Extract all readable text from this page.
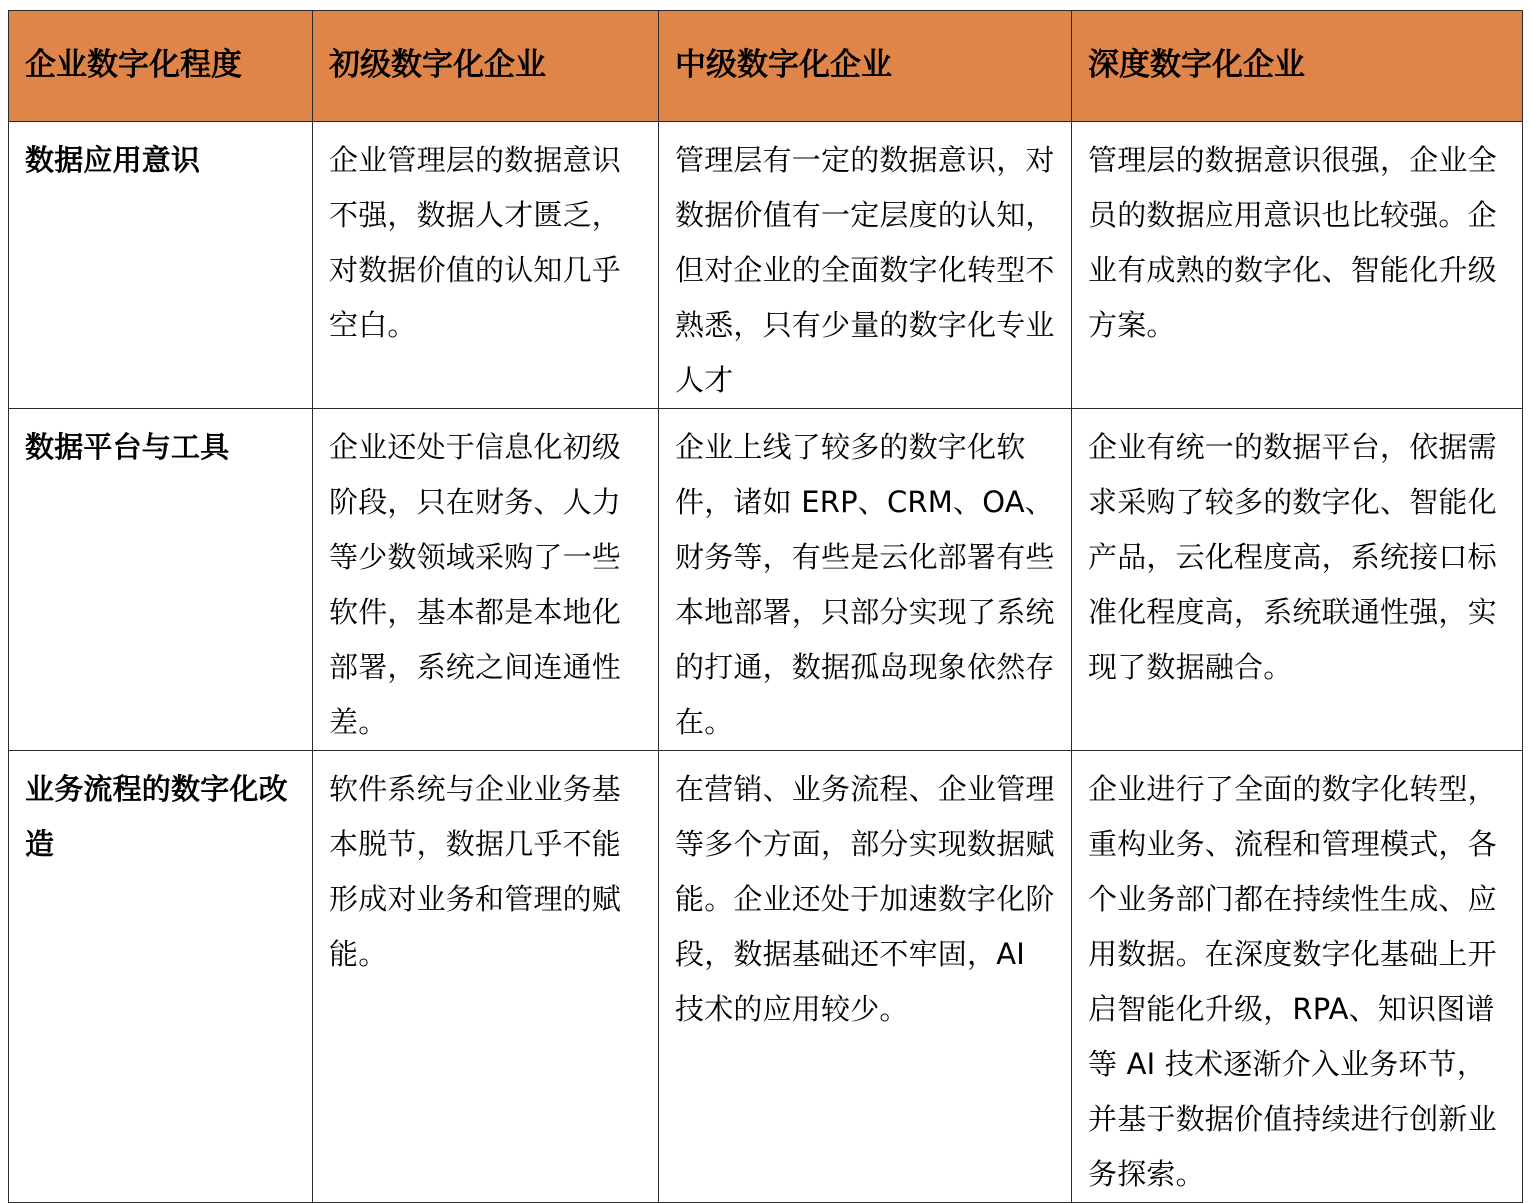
企业数字化程度	初级数字化企业	中级数字化企业	深度数字化企业

数据应用意识	企业管理层的数据意识不强，数据人才匮乏，对数据价值的认知几乎空白。	管理层有一定的数据意识，对数据价值有一定层度的认知，但对企业的全面数字化转型不熟悉，只有少量的数字化专业人才	管理层的数据意识很强，企业全员的数据应用意识也比较强。企业有成熟的数字化、智能化升级方案。

数据平台与工具	企业还处于信息化初级阶段，只在财务、人力等少数领域采购了一些软件，基本都是本地化部署，系统之间连通性差。	企业上线了较多的数字化软件，诸如 ERP、CRM、OA、财务等，有些是云化部署有些本地部署，只部分实现了系统的打通，数据孤岛现象依然存在。	企业有统一的数据平台，依据需求采购了较多的数字化、智能化产品，云化程度高，系统接口标准化程度高，系统联通性强，实现了数据融合。

业务流程的数字化改造	软件系统与企业业务基本脱节，数据几乎不能形成对业务和管理的赋能。	在营销、业务流程、企业管理等多个方面，部分实现数据赋能。企业还处于加速数字化阶段，数据基础还不牢固，AI 技术的应用较少。	企业进行了全面的数字化转型，重构业务、流程和管理模式，各个业务部门都在持续性生成、应用数据。在深度数字化基础上开启智能化升级，RPA、知识图谱等 AI 技术逐渐介入业务环节，并基于数据价值持续进行创新业务探索。
